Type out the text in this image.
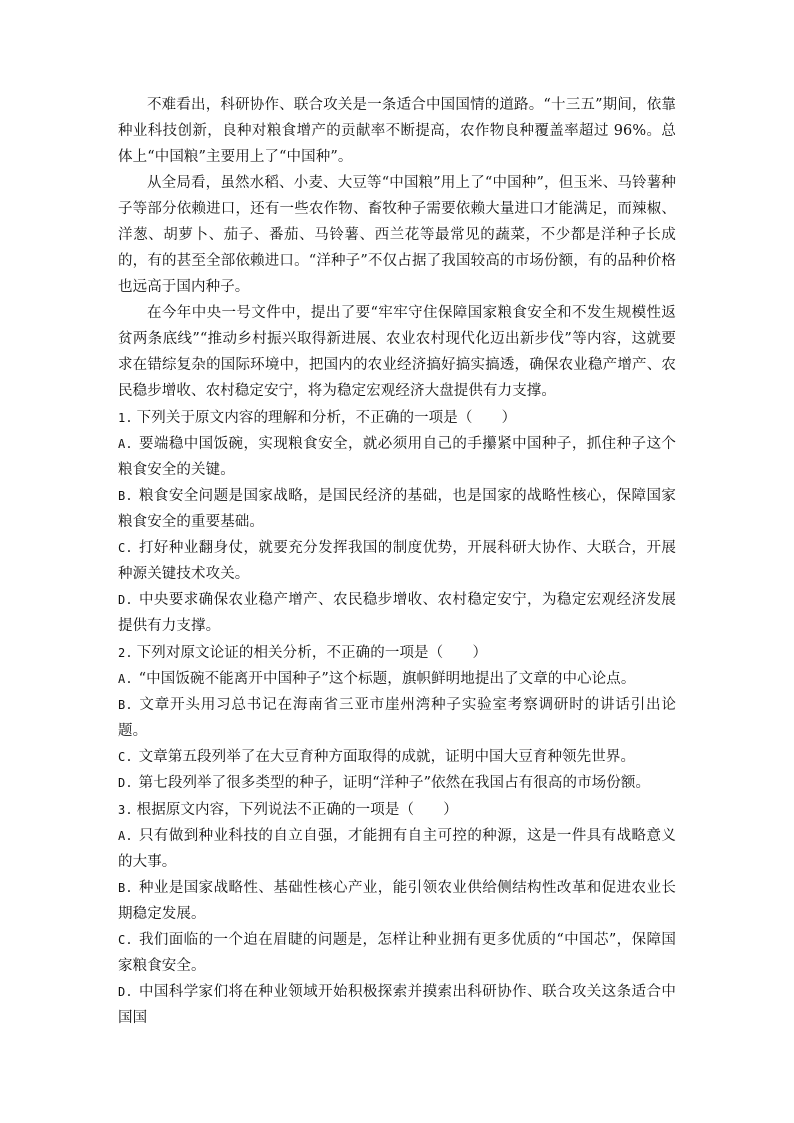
不难看出，科研协作、联合攻关是一条适合中国国情的道路。“十三五”期间，依靠种业科技创新，良种对粮食增产的贡献率不断提高，农作物良种覆盖率超过 96%。总体上“中国粮”主要用上了“中国种”。

从全局看，虽然水稻、小麦、大豆等“中国粮”用上了“中国种”，但玉米、马铃薯种子等部分依赖进口，还有一些农作物、畜牧种子需要依赖大量进口才能满足，而辣椒、洋葱、胡萝卜、茄子、番茄、马铃薯、西兰花等最常见的蔬菜，不少都是洋种子长成的，有的甚至全部依赖进口。“洋种子”不仅占据了我国较高的市场份额，有的品种价格也远高于国内种子。

在今年中央一号文件中，提出了要“牢牢守住保障国家粮食安全和不发生规模性返贫两条底线”“推动乡村振兴取得新进展、农业农村现代化迈出新步伐”等内容，这就要求在错综复杂的国际环境中，把国内的农业经济搞好搞实搞透，确保农业稳产增产、农民稳步增收、农村稳定安宁，将为稳定宏观经济大盘提供有力支撑。

1. 下列关于原文内容的理解和分析，不正确的一项是（　　）

A. 要端稳中国饭碗，实现粮食安全，就必须用自己的手攥紧中国种子，抓住种子这个粮食安全的关键。

B. 粮食安全问题是国家战略，是国民经济的基础，也是国家的战略性核心，保障国家粮食安全的重要基础。

C. 打好种业翻身仗，就要充分发挥我国的制度优势，开展科研大协作、大联合，开展种源关键技术攻关。

D. 中央要求确保农业稳产增产、农民稳步增收、农村稳定安宁，为稳定宏观经济发展提供有力支撑。

2. 下列对原文论证的相关分析，不正确的一项是（　　）

A. “中国饭碗不能离开中国种子”这个标题，旗帜鲜明地提出了文章的中心论点。

B. 文章开头用习总书记在海南省三亚市崖州湾种子实验室考察调研时的讲话引出论题。

C. 文章第五段列举了在大豆育种方面取得的成就，证明中国大豆育种领先世界。

D. 第七段列举了很多类型的种子，证明“洋种子”依然在我国占有很高的市场份额。

3. 根据原文内容，下列说法不正确的一项是（　　）

A. 只有做到种业科技的自立自强，才能拥有自主可控的种源，这是一件具有战略意义的大事。

B. 种业是国家战略性、基础性核心产业，能引领农业供给侧结构性改革和促进农业长期稳定发展。

C. 我们面临的一个迫在眉睫的问题是，怎样让种业拥有更多优质的“中国芯”，保障国家粮食安全。

D. 中国科学家们将在种业领域开始积极探索并摸索出科研协作、联合攻关这条适合中国国
